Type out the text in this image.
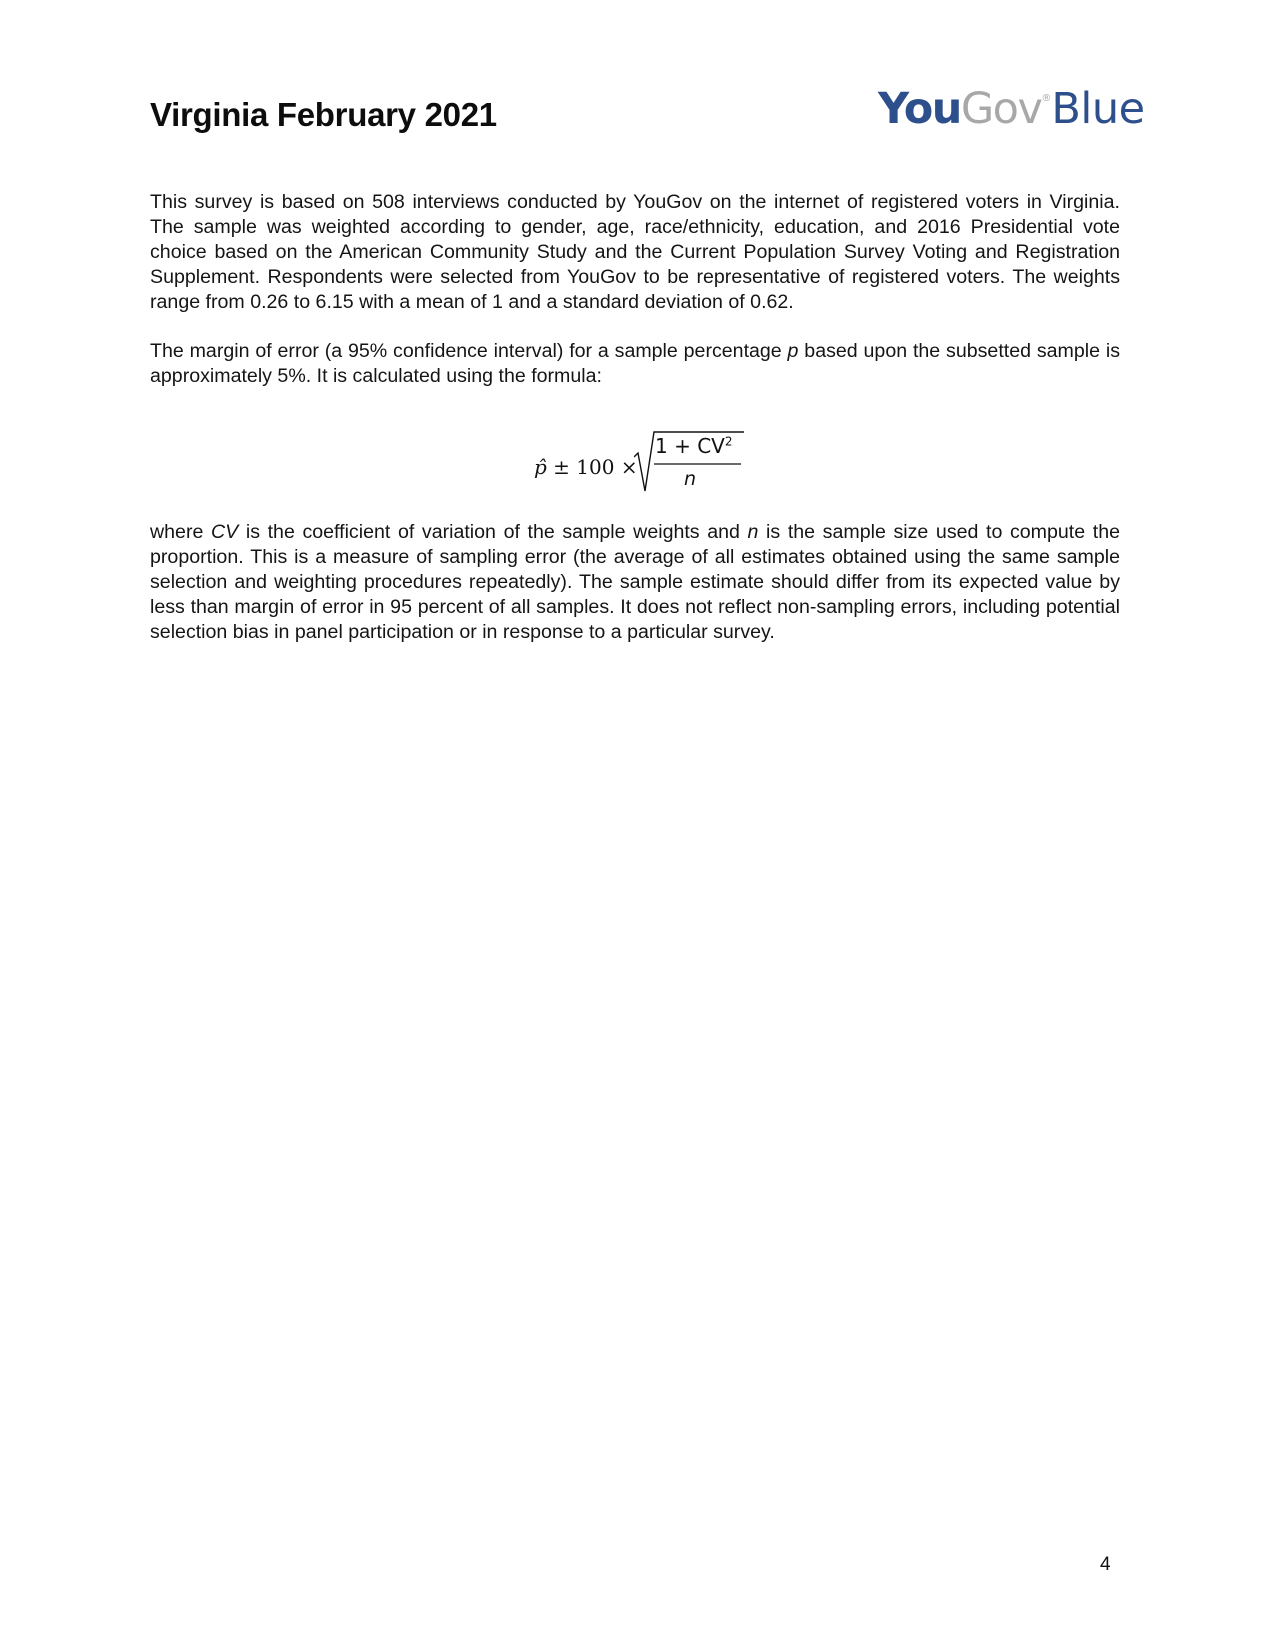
Virginia February 2021	YouGov®Blue
This survey is based on 508 interviews conducted by YouGov on the internet of registered voters in Virginia. The sample was weighted according to gender, age, race/ethnicity, education, and 2016 Presidential vote choice based on the American Community Study and the Current Population Survey Voting and Registration Supplement. Respondents were selected from YouGov to be representative of registered voters. The weights range from 0.26 to 6.15 with a mean of 1 and a standard deviation of 0.62.
The margin of error (a 95% confidence interval) for a sample percentage p based upon the subsetted sample is approximately 5%. It is calculated using the formula:
p̂ ± 100 ×
$1 + CV^2$
n
where CV is the coefficient of variation of the sample weights and n is the sample size used to compute the proportion. This is a measure of sampling error (the average of all estimates obtained using the same sample selection and weighting procedures repeatedly). The sample estimate should differ from its expected value by less than margin of error in 95 percent of all samples. It does not reflect non-sampling errors, including potential selection bias in panel participation or in response to a particular survey.
4
